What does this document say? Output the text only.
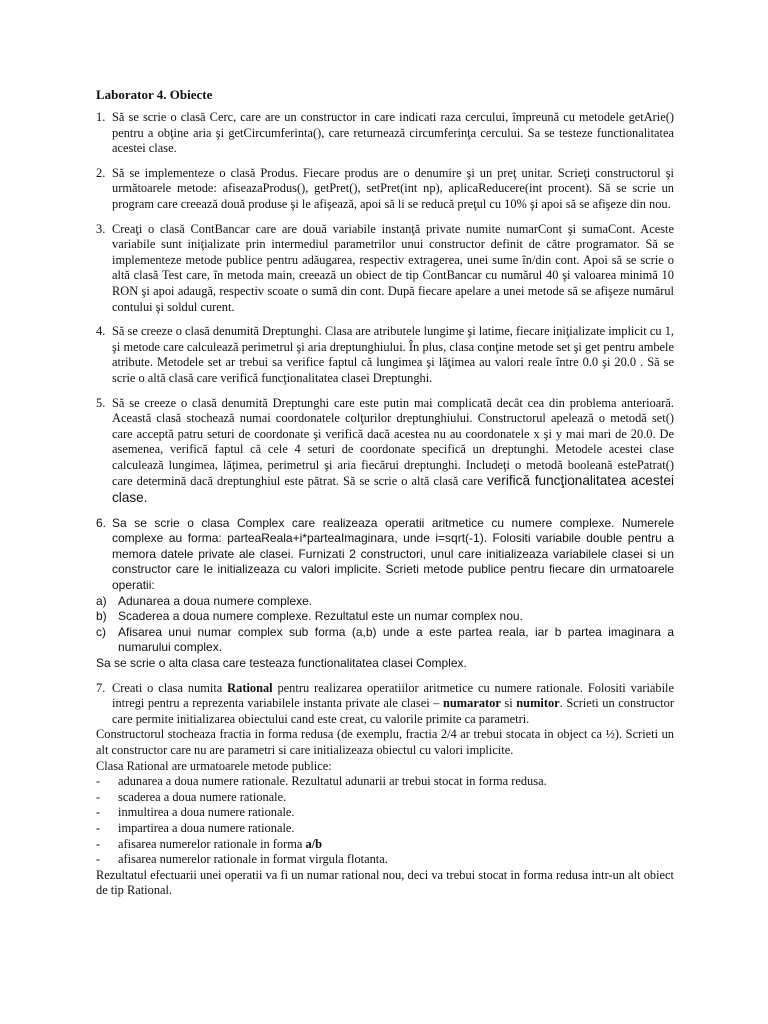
Laborator 4. Obiecte
1. Să se scrie o clasă Cerc, care are un constructor in care indicati raza cercului, împreună cu metodele getArie() pentru a obţine aria şi getCircumferinta(), care returnează circumferinţa cercului. Sa se testeze functionalitatea acestei clase.

2. Să se implementeze o clasă Produs. Fiecare produs are o denumire şi un preţ unitar. Scrieţi constructorul şi următoarele metode: afiseazaProdus(), getPret(), setPret(int np), aplicaReducere(int procent). Să se scrie un program care creează două produse şi le afişează, apoi să li se reducă preţul cu 10% şi apoi să se afişeze din nou.

3. Creaţi o clasă ContBancar care are două variabile instanţă private numite numarCont şi sumaCont. Aceste variabile sunt iniţializate prin intermediul parametrilor unui constructor definit de către programator. Să se implementeze metode publice pentru adăugarea, respectiv extragerea, unei sume în/din cont. Apoi să se scrie o altă clasă Test care, în metoda main, creează un obiect de tip ContBancar cu numărul 40 şi valoarea minimă 10 RON şi apoi adaugă, respectiv scoate o sumă din cont. După fiecare apelare a unei metode să se afişeze numărul contului şi soldul curent.

4. Să se creeze o clasă denumită Dreptunghi. Clasa are atributele lungime şi latime, fiecare iniţializate implicit cu 1, şi metode care calculează perimetrul şi aria dreptunghiului. În plus, clasa conţine metode set şi get pentru ambele atribute. Metodele set ar trebui sa verifice faptul că lungimea şi lăţimea au valori reale între 0.0 şi 20.0 . Să se scrie o altă clasă care verifică funcţionalitatea clasei Dreptunghi.

5. Să se creeze o clasă denumită Dreptunghi care este putin mai complicată decât cea din problema anterioară. Această clasă stochează numai coordonatele colţurilor dreptunghiului. Constructorul apelează o metodă set() care acceptă patru seturi de coordonate şi verifică dacă acestea nu au coordonatele x şi y mai mari de 20.0. De asemenea, verifică faptul că cele 4 seturi de coordonate specifică un dreptunghi. Metodele acestei clase calculează lungimea, lăţimea, perimetrul şi aria fiecărui dreptunghi. Includeţi o metodă booleană estePatrat() care determină dacă dreptunghiul este pătrat. Să se scrie o altă clasă care verifică funcţionalitatea acestei clase.

6. Sa se scrie o clasa Complex care realizeaza operatii aritmetice cu numere complexe. Numerele complexe au forma: parteaReala+i*parteaImaginara, unde i=sqrt(-1). Folositi variabile double pentru a memora datele private ale clasei. Furnizati 2 constructori, unul care initializeaza variabilele clasei si un constructor care le initializeaza cu valori implicite. Scrieti metode publice pentru fiecare din urmatoarele operatii:

a) Adunarea a doua numere complexe.
b) Scaderea a doua numere complexe. Rezultatul este un numar complex nou.
c) Afisarea unui numar complex sub forma (a,b) unde a este partea reala, iar b partea imaginara a numarului complex.

Sa se scrie o alta clasa care testeaza functionalitatea clasei Complex.

7. Creati o clasa numita Rational pentru realizarea operatiilor aritmetice cu numere rationale. Folositi variabile intregi pentru a reprezenta variabilele instanta private ale clasei – numarator si numitor. Scrieti un constructor care permite initializarea obiectului cand este creat, cu valorile primite ca parametri.

Constructorul stocheaza fractia in forma redusa (de exemplu, fractia 2/4 ar trebui stocata in object ca ½). Scrieti un alt constructor care nu are parametri si care initializeaza obiectul cu valori implicite.

Clasa Rational are urmatoarele metode publice:

- adunarea a doua numere rationale. Rezultatul adunarii ar trebui stocat in forma redusa.

- scaderea a doua numere rationale.

- inmultirea a doua numere rationale.

- impartirea a doua numere rationale.

- afisarea numerelor rationale in forma a/b

- afisarea numerelor rationale in format virgula flotanta.

Rezultatul efectuarii unei operatii va fi un numar rational nou, deci va trebui stocat in forma redusa intr-un alt obiect de tip Rational.
